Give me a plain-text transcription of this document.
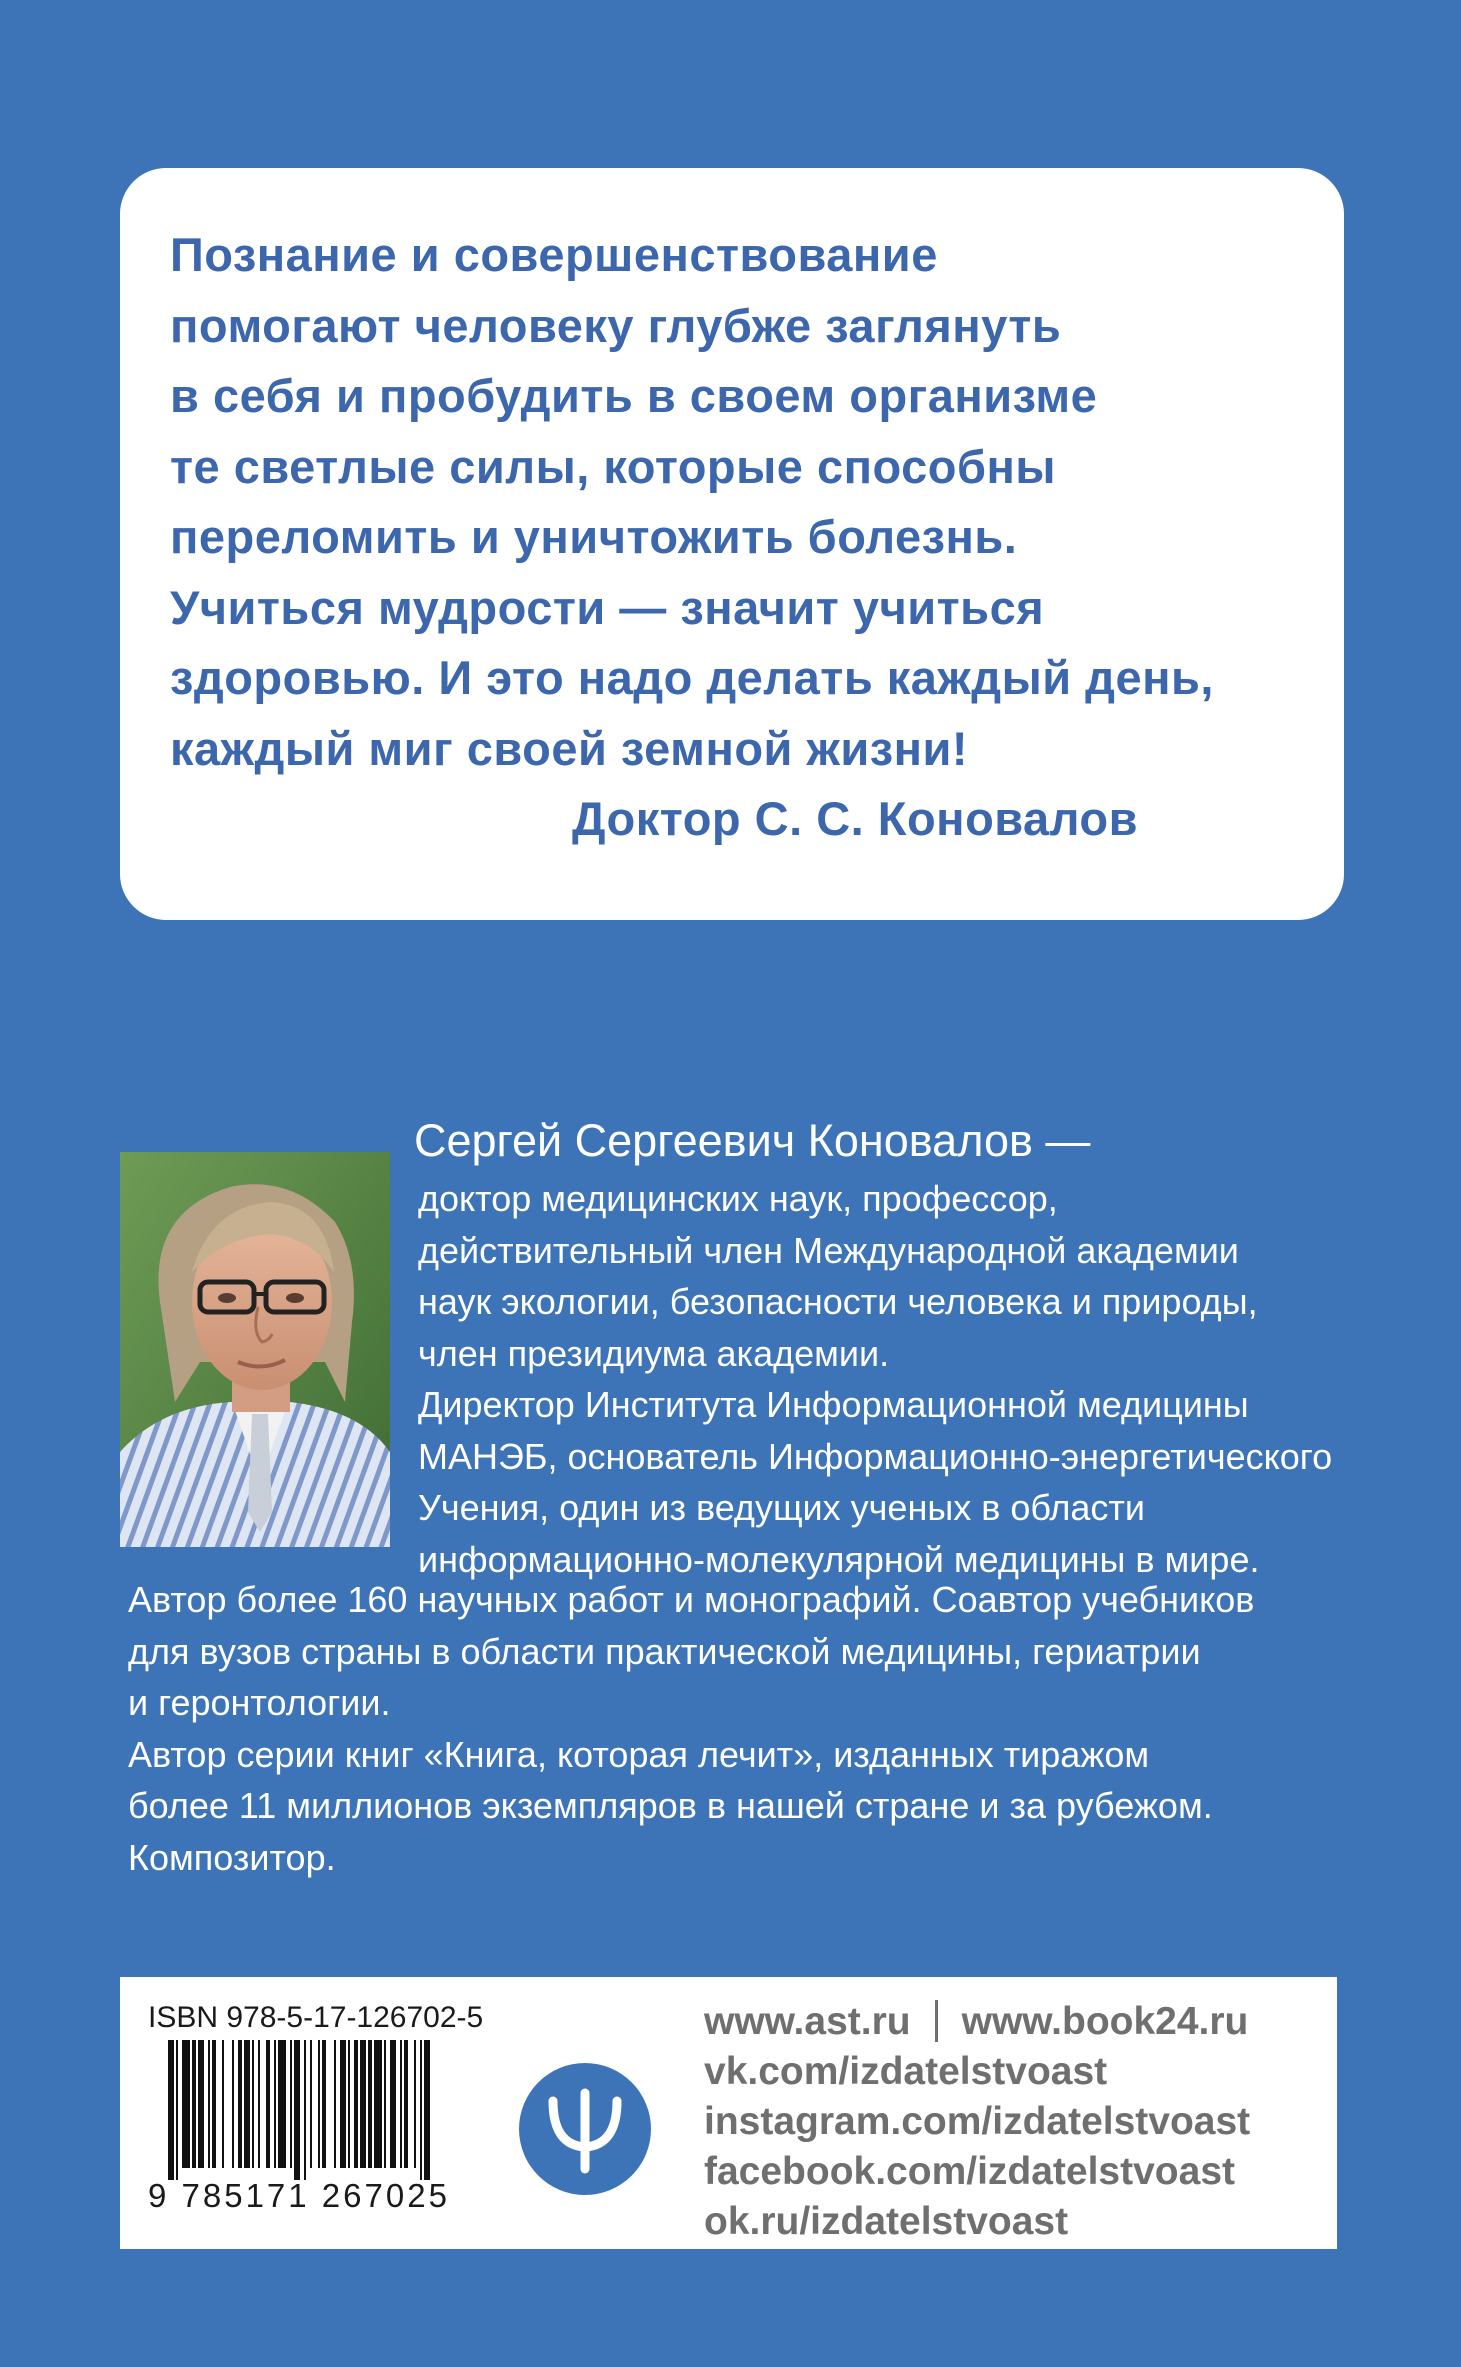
Познание и совершенствование
помогают человеку глубже заглянуть
в себя и пробудить в своем организме
те светлые силы, которые способны
переломить и уничтожить болезнь.
Учиться мудрости — значит учиться
здоровью. И это надо делать каждый день,
каждый миг своей земной жизни!
Доктор С. С. Коновалов
Сергей Сергеевич Коновалов —
доктор медицинских наук, профессор,
действительный член Международной академии
наук экологии, безопасности человека и природы,
член президиума академии.
Директор Института Информационной медицины
МАНЭБ, основатель Информационно-энергетического
Учения, один из ведущих ученых в области
информационно-молекулярной медицины в мире.
Автор более 160 научных работ и монографий. Соавтор учебников
для вузов страны в области практической медицины, гериатрии
и геронтологии.
Автор серии книг «Книга, которая лечит», изданных тиражом
более 11 миллионов экземпляров в нашей стране и за рубежом.
Композитор.
ISBN 978-5-17-126702-5
9 785171 267025
www.ast.ru www.book24.ru
vk.com/izdatelstvoast
instagram.com/izdatelstvoast
facebook.com/izdatelstvoast
ok.ru/izdatelstvoast
